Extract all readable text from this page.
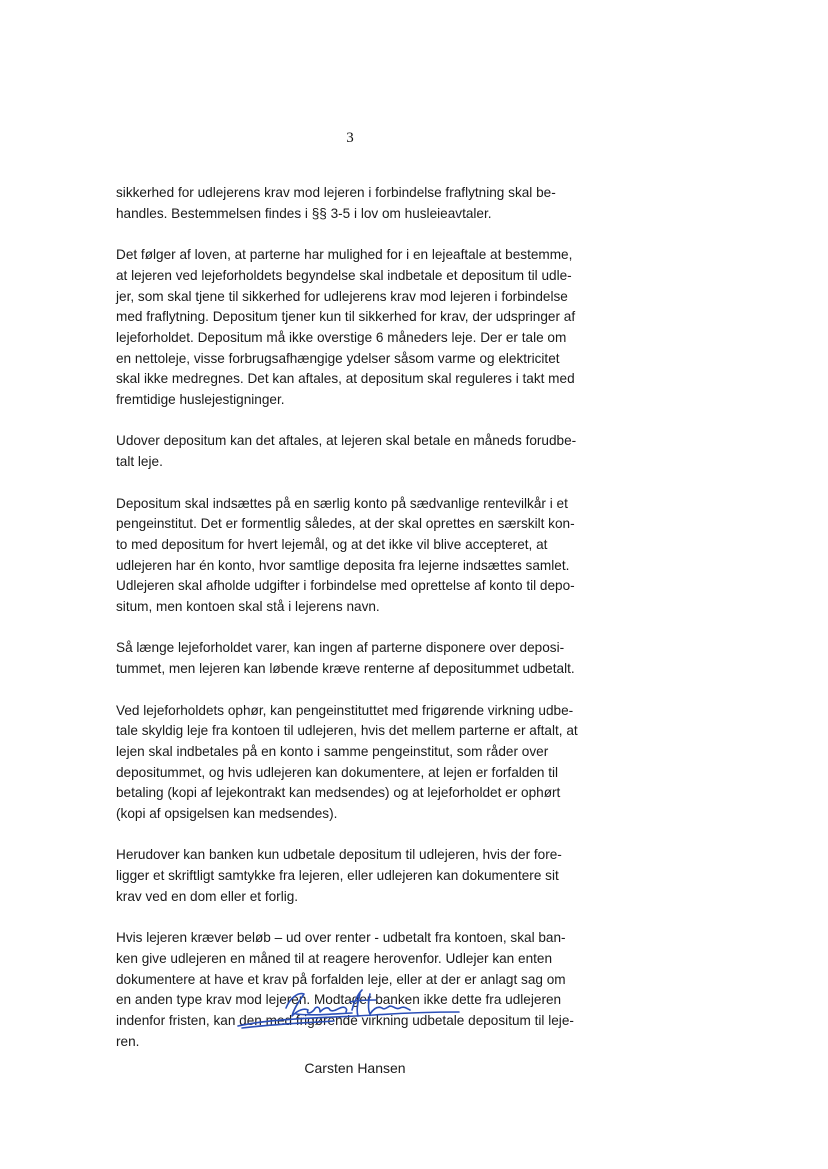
3

sikkerhed for udlejerens krav mod lejeren i forbindelse fraflytning skal be-
handles. Bestemmelsen findes i §§ 3-5 i lov om husleieavtaler.

Det følger af loven, at parterne har mulighed for i en lejeaftale at bestemme,
at lejeren ved lejeforholdets begyndelse skal indbetale et depositum til udle-
jer, som skal tjene til sikkerhed for udlejerens krav mod lejeren i forbindelse
med fraflytning. Depositum tjener kun til sikkerhed for krav, der udspringer af
lejeforholdet. Depositum må ikke overstige 6 måneders leje. Der er tale om
en nettoleje, visse forbrugsafhængige ydelser såsom varme og elektricitet
skal ikke medregnes. Det kan aftales, at depositum skal reguleres i takt med
fremtidige huslejestigninger.

Udover depositum kan det aftales, at lejeren skal betale en måneds forudbe-
talt leje.

Depositum skal indsættes på en særlig konto på sædvanlige rentevilkår i et
pengeinstitut. Det er formentlig således, at der skal oprettes en særskilt kon-
to med depositum for hvert lejemål, og at det ikke vil blive accepteret, at
udlejeren har én konto, hvor samtlige deposita fra lejerne indsættes samlet.
Udlejeren skal afholde udgifter i forbindelse med oprettelse af konto til depo-
situm, men kontoen skal stå i lejerens navn.

Så længe lejeforholdet varer, kan ingen af parterne disponere over deposi-
tummet, men lejeren kan løbende kræve renterne af depositummet udbetalt.

Ved lejeforholdets ophør, kan pengeinstituttet med frigørende virkning udbe-
tale skyldig leje fra kontoen til udlejeren, hvis det mellem parterne er aftalt, at
lejen skal indbetales på en konto i samme pengeinstitut, som råder over
depositummet, og hvis udlejeren kan dokumentere, at lejen er forfalden til
betaling (kopi af lejekontrakt kan medsendes) og at lejeforholdet er ophørt
(kopi af opsigelsen kan medsendes).

Herudover kan banken kun udbetale depositum til udlejeren, hvis der fore-
ligger et skriftligt samtykke fra lejeren, eller udlejeren kan dokumentere sit
krav ved en dom eller et forlig.

Hvis lejeren kræver beløb – ud over renter - udbetalt fra kontoen, skal ban-
ken give udlejeren en måned til at reagere herovenfor. Udlejer kan enten
dokumentere at have et krav på forfalden leje, eller at der er anlagt sag om
en anden type krav mod lejeren. Modtager banken ikke dette fra udlejeren
indenfor fristen, kan den med frigørende virkning udbetale depositum til leje-
ren.

Carsten Hansen
